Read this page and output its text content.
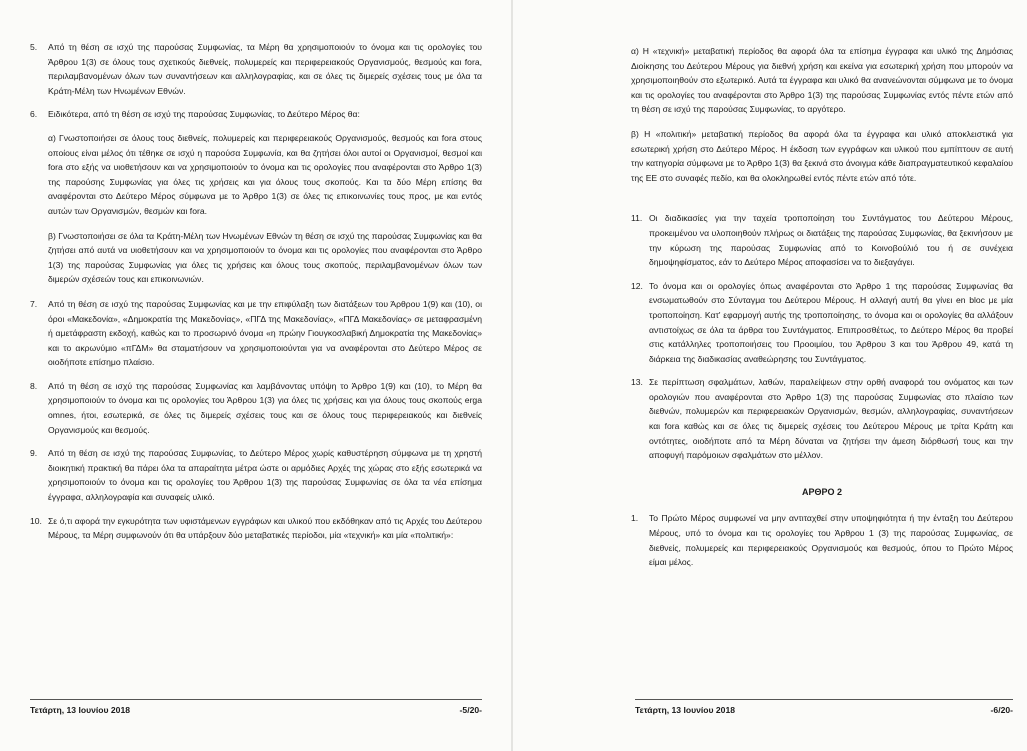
5.	Από τη θέση σε ισχύ της παρούσας Συμφωνίας, τα Μέρη θα χρησιμοποιούν το όνομα και τις ορολογίες του Άρθρου 1(3) σε όλους τους σχετικούς διεθνείς, πολυμερείς και περιφερειακούς Οργανισμούς, θεσμούς και fora, περιλαμβανομένων όλων των συναντήσεων και αλληλογραφίας, και σε όλες τις διμερείς σχέσεις τους με όλα τα Κράτη-Μέλη των Ηνωμένων Εθνών.
6.	Ειδικότερα, από τη θέση σε ισχύ της παρούσας Συμφωνίας, το Δεύτερο Μέρος θα:
α) Γνωστοποιήσει σε όλους τους διεθνείς, πολυμερείς και περιφερειακούς Οργανισμούς, θεσμούς και fora στους οποίους είναι μέλος ότι τέθηκε σε ισχύ η παρούσα Συμφωνία, και θα ζητήσει όλοι αυτοί οι Οργανισμοί, θεσμοί και fora στο εξής να υιοθετήσουν και να χρησιμοποιούν το όνομα και τις ορολογίες που αναφέρονται στο Άρθρο 1(3) της παρούσης Συμφωνίας για όλες τις χρήσεις και για όλους τους σκοπούς. Και τα δύο Μέρη επίσης θα αναφέρονται στο Δεύτερο Μέρος σύμφωνα με το Άρθρο 1(3) σε όλες τις επικοινωνίες τους προς, με και εντός αυτών των Οργανισμών, θεσμών και fora.
β) Γνωστοποιήσει σε όλα τα Κράτη-Μέλη των Ηνωμένων Εθνών τη θέση σε ισχύ της παρούσας Συμφωνίας και θα ζητήσει από αυτά να υιοθετήσουν και να χρησιμοποιούν το όνομα και τις ορολογίες που αναφέρονται στο Άρθρο 1(3) της παρούσας Συμφωνίας για όλες τις χρήσεις και όλους τους σκοπούς, περιλαμβανομένων όλων των διμερών σχέσεών τους και επικοινωνιών.
7.	Από τη θέση σε ισχύ της παρούσας Συμφωνίας και με την επιφύλαξη των διατάξεων του Άρθρου 1(9) και (10), οι όροι «Μακεδονία», «Δημοκρατία της Μακεδονίας», «ΠΓΔ της Μακεδονίας», «ΠΓΔ Μακεδονίας» σε μεταφρασμένη ή αμετάφραστη εκδοχή, καθώς και το προσωρινό όνομα «η πρώην Γιουγκοσλαβική Δημοκρατία της Μακεδονίας» και το ακρωνύμιο «πΓΔΜ» θα σταματήσουν να χρησιμοποιούνται για να αναφέρονται στο Δεύτερο Μέρος σε οιοδήποτε επίσημο πλαίσιο.
8.	Από τη θέση σε ισχύ της παρούσας Συμφωνίας και λαμβάνοντας υπόψη το Άρθρο 1(9) και (10), το Μέρη θα χρησιμοποιούν το όνομα και τις ορολογίες του Άρθρου 1(3) για όλες τις χρήσεις και για όλους τους σκοπούς erga omnes, ήτοι, εσωτερικά, σε όλες τις διμερείς σχέσεις τους και σε όλους τους περιφερειακούς και διεθνείς Οργανισμούς και θεσμούς.
9.	Από τη θέση σε ισχύ της παρούσας Συμφωνίας, το Δεύτερο Μέρος χωρίς καθυστέρηση σύμφωνα με τη χρηστή διοικητική πρακτική θα πάρει όλα τα απαραίτητα μέτρα ώστε οι αρμόδιες Αρχές της χώρας στο εξής εσωτερικά να χρησιμοποιούν το όνομα και τις ορολογίες του Άρθρου 1(3) της παρούσας Συμφωνίας σε όλα τα νέα επίσημα έγγραφα, αλληλογραφία και συναφείς υλικό.
10. Σε ό,τι αφορά την εγκυρότητα των υφιστάμενων εγγράφων και υλικού που εκδόθηκαν από τις Αρχές του Δεύτερου Μέρους, τα Μέρη συμφωνούν ότι θα υπάρξουν δύο μεταβατικές περίοδοι, μία «τεχνική» και μία «πολιτική»:
Τετάρτη, 13 Ιουνίου 2018	-5/20-
α) Η «τεχνική» μεταβατική περίοδος θα αφορά όλα τα επίσημα έγγραφα και υλικό της Δημόσιας Διοίκησης του Δεύτερου Μέρους για διεθνή χρήση και εκείνα για εσωτερική χρήση που μπορούν να χρησιμοποιηθούν στο εξωτερικό. Αυτά τα έγγραφα και υλικό θα ανανεώνονται σύμφωνα με το όνομα και τις ορολογίες του αναφέρονται στο Άρθρο 1(3) της παρούσας Συμφωνίας εντός πέντε ετών από τη θέση σε ισχύ της παρούσας Συμφωνίας, το αργότερο.
β) Η «πολιτική» μεταβατική περίοδος θα αφορά όλα τα έγγραφα και υλικό αποκλειστικά για εσωτερική χρήση στο Δεύτερο Μέρος. Η έκδοση των εγγράφων και υλικού που εμπίπτουν σε αυτή την κατηγορία σύμφωνα με το Άρθρο 1(3) θα ξεκινά στο άνοιγμα κάθε διαπραγματευτικού κεφαλαίου της ΕΕ στο συναφές πεδίο, και θα ολοκληρωθεί εντός πέντε ετών από τότε.
11. Οι διαδικασίες για την ταχεία τροποποίηση του Συντάγματος του Δεύτερου Μέρους, προκειμένου να υλοποιηθούν πλήρως οι διατάξεις της παρούσας Συμφωνίας, θα ξεκινήσουν με την κύρωση της παρούσας Συμφωνίας από το Κοινοβούλιό του ή σε συνέχεια δημοψηφίσματος, εάν το Δεύτερο Μέρος αποφασίσει να το διεξαγάγει.
12. Το όνομα και οι ορολογίες όπως αναφέρονται στο Άρθρο 1 της παρούσας Συμφωνίας θα ενσωματωθούν στο Σύνταγμα του Δεύτερου Μέρους. Η αλλαγή αυτή θα γίνει en bloc με μία τροποποίηση. Κατ' εφαρμογή αυτής της τροποποίησης, το όνομα και οι ορολογίες θα αλλάξουν αντιστοίχως σε όλα τα άρθρα του Συντάγματος. Επιπροσθέτως, το Δεύτερο Μέρος θα προβεί στις κατάλληλες τροποποιήσεις του Προοιμίου, του Άρθρου 3 και του Άρθρου 49, κατά τη διάρκεια της διαδικασίας αναθεώρησης του Συντάγματος.
13. Σε περίπτωση σφαλμάτων, λαθών, παραλείψεων στην ορθή αναφορά του ονόματος και των ορολογιών που αναφέρονται στο Άρθρο 1(3) της παρούσας Συμφωνίας στο πλαίσιο των διεθνών, πολυμερών και περιφερειακών Οργανισμών, θεσμών, αλληλογραφίας, συναντήσεων και fora καθώς και σε όλες τις διμερείς σχέσεις του Δεύτερου Μέρους με τρίτα Κράτη και οντότητες, οιοδήποτε από τα Μέρη δύναται να ζητήσει την άμεση διόρθωσή τους και την αποφυγή παρόμοιων σφαλμάτων στο μέλλον.
ΑΡΘΡΟ 2
1.	Το Πρώτο Μέρος συμφωνεί να μην αντιταχθεί στην υποψηφιότητα ή την ένταξη του Δεύτερου Μέρους, υπό το όνομα και τις ορολογίες του Άρθρου 1 (3) της παρούσας Συμφωνίας, σε διεθνείς, πολυμερείς και περιφερειακούς Οργανισμούς και θεσμούς, όπου το Πρώτο Μέρος είμαι μέλος.
Τετάρτη, 13 Ιουνίου 2018	-6/20-
